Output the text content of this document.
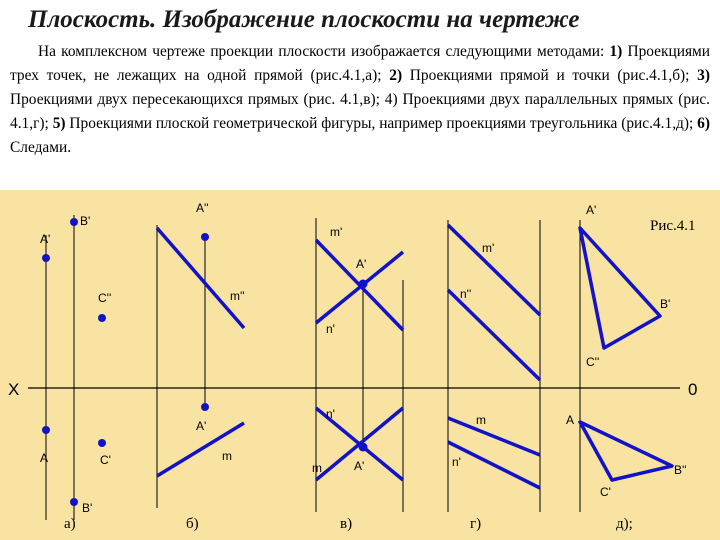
Плоскость. Изображение плоскости на чертеже

На комплексном чертеже проекции плоскости изображается следующими методами: 1) Проекциями трех точек, не лежащих на одной прямой (рис.4.1,а); 2) Проекциями прямой и точки (рис.4.1,б); 3) Проекциями двух пересекающихся прямых (рис. 4.1,в); 4) Проекциями двух параллельных прямых (рис. 4.1,г); 5) Проекциями плоской геометрической фигуры, например проекциями треугольника (рис.4.1,д); 6) Следами.

X	0
Рис.4.1
A'
B'
C''
A	C'
B'
а)
A''
m''
A'
m
б)
m'
A'
n'
n'
m	A'
в)
m'
n''
m
n'
г)
A'
B'
C''
A
B''
C'
д);
